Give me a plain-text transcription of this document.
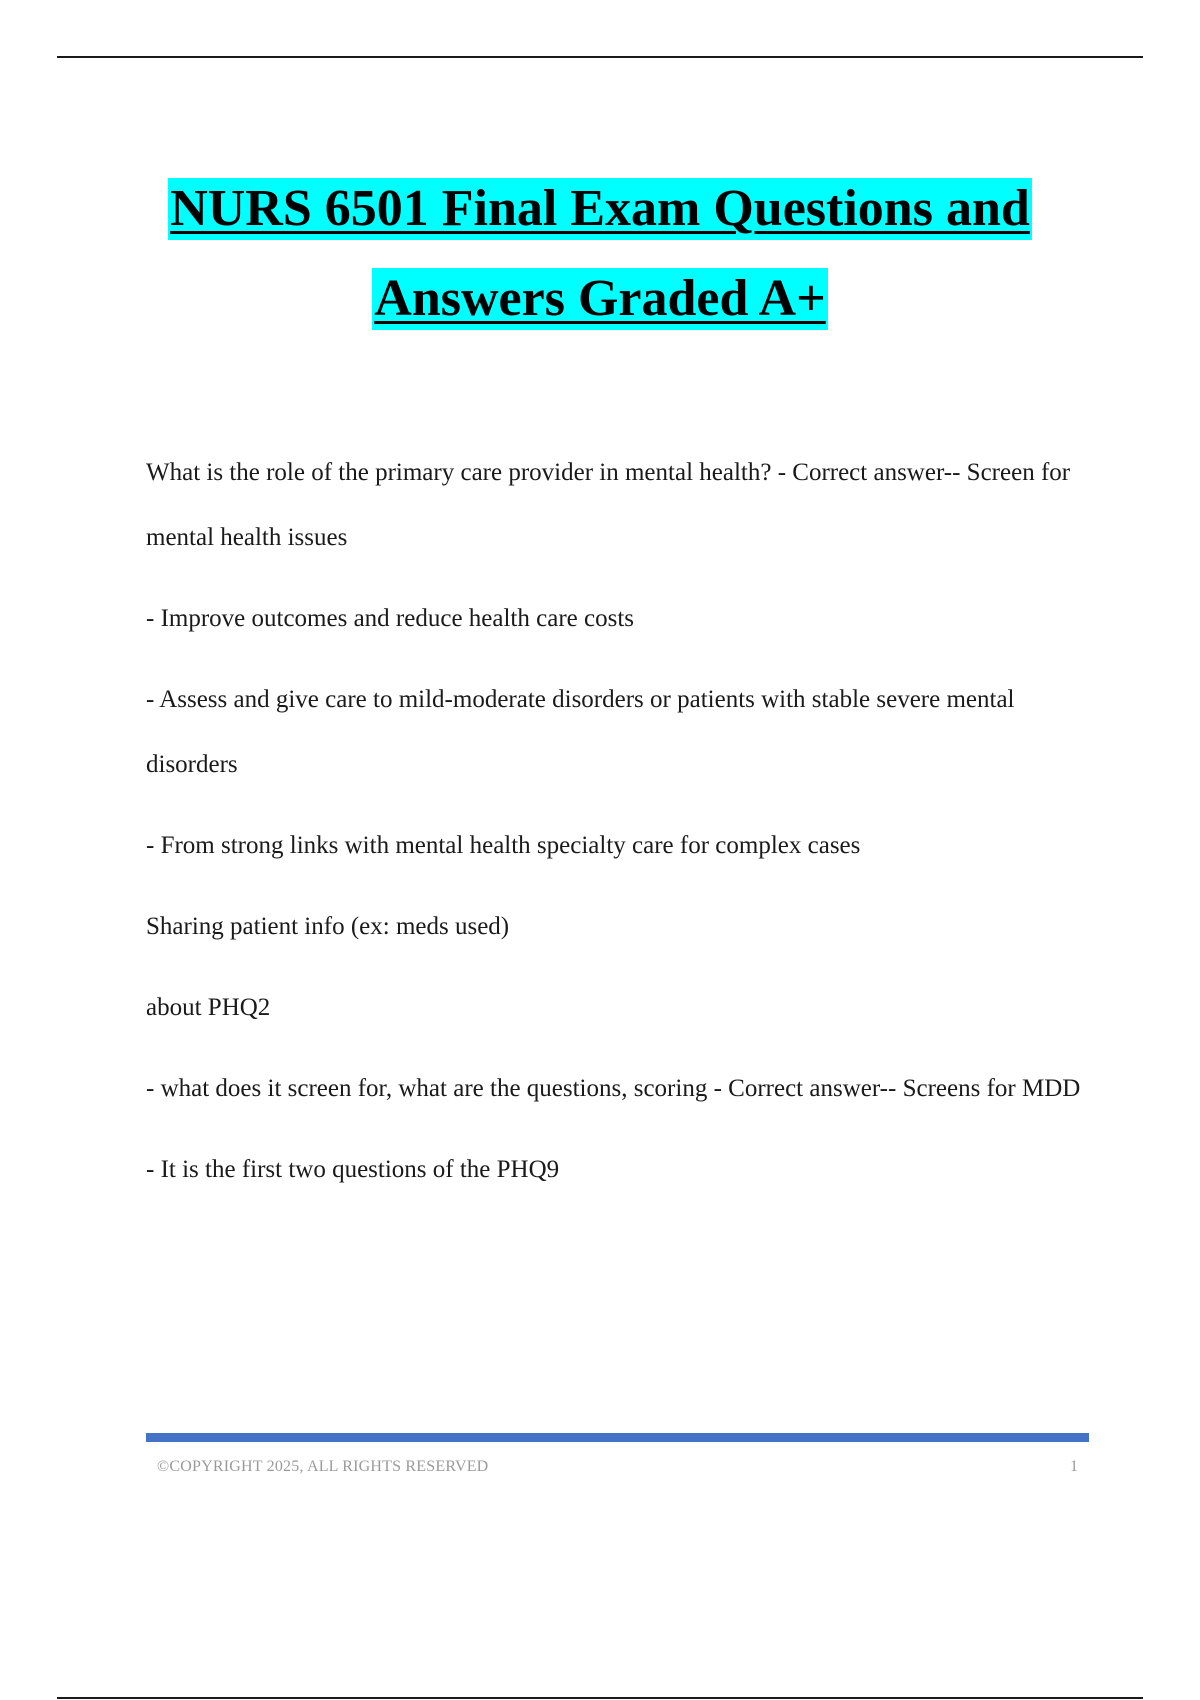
NURS 6501 Final Exam Questions and
Answers Graded A+

What is the role of the primary care provider in mental health? - Correct answer-- Screen for mental health issues

- Improve outcomes and reduce health care costs

- Assess and give care to mild-moderate disorders or patients with stable severe mental disorders

- From strong links with mental health specialty care for complex cases

Sharing patient info (ex: meds used)

about PHQ2

- what does it screen for, what are the questions, scoring - Correct answer-- Screens for MDD

- It is the first two questions of the PHQ9

©COPYRIGHT 2025, ALL RIGHTS RESERVED	1
